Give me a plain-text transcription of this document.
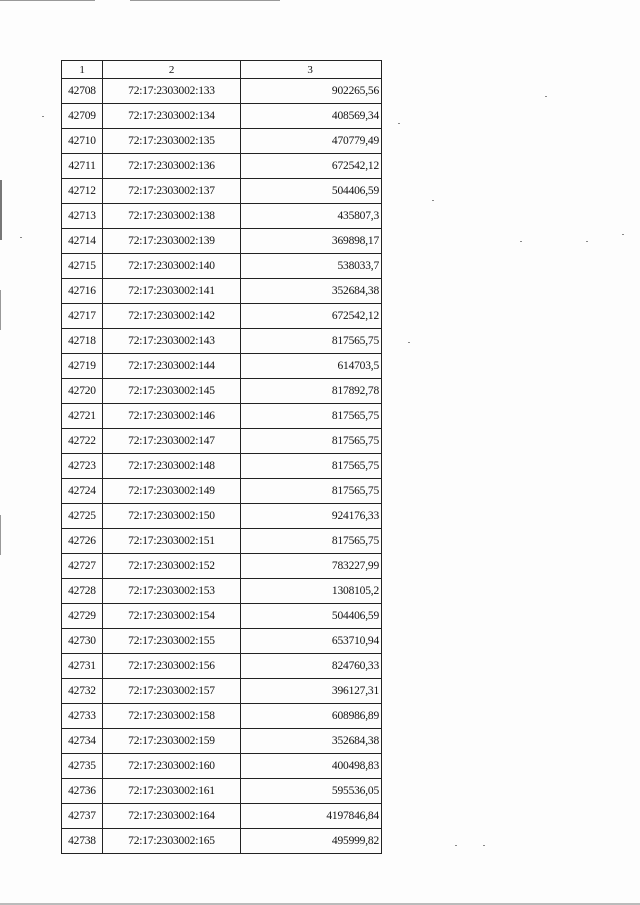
1	2	3
42708	72:17:2303002:133	902265,56
42709	72:17:2303002:134	408569,34
42710	72:17:2303002:135	470779,49
42711	72:17:2303002:136	672542,12
42712	72:17:2303002:137	504406,59
42713	72:17:2303002:138	435807,3
42714	72:17:2303002:139	369898,17
42715	72:17:2303002:140	538033,7
42716	72:17:2303002:141	352684,38
42717	72:17:2303002:142	672542,12
42718	72:17:2303002:143	817565,75
42719	72:17:2303002:144	614703,5
42720	72:17:2303002:145	817892,78
42721	72:17:2303002:146	817565,75
42722	72:17:2303002:147	817565,75
42723	72:17:2303002:148	817565,75
42724	72:17:2303002:149	817565,75
42725	72:17:2303002:150	924176,33
42726	72:17:2303002:151	817565,75
42727	72:17:2303002:152	783227,99
42728	72:17:2303002:153	1308105,2
42729	72:17:2303002:154	504406,59
42730	72:17:2303002:155	653710,94
42731	72:17:2303002:156	824760,33
42732	72:17:2303002:157	396127,31
42733	72:17:2303002:158	608986,89
42734	72:17:2303002:159	352684,38
42735	72:17:2303002:160	400498,83
42736	72:17:2303002:161	595536,05
42737	72:17:2303002:164	4197846,84
42738	72:17:2303002:165	495999,82
